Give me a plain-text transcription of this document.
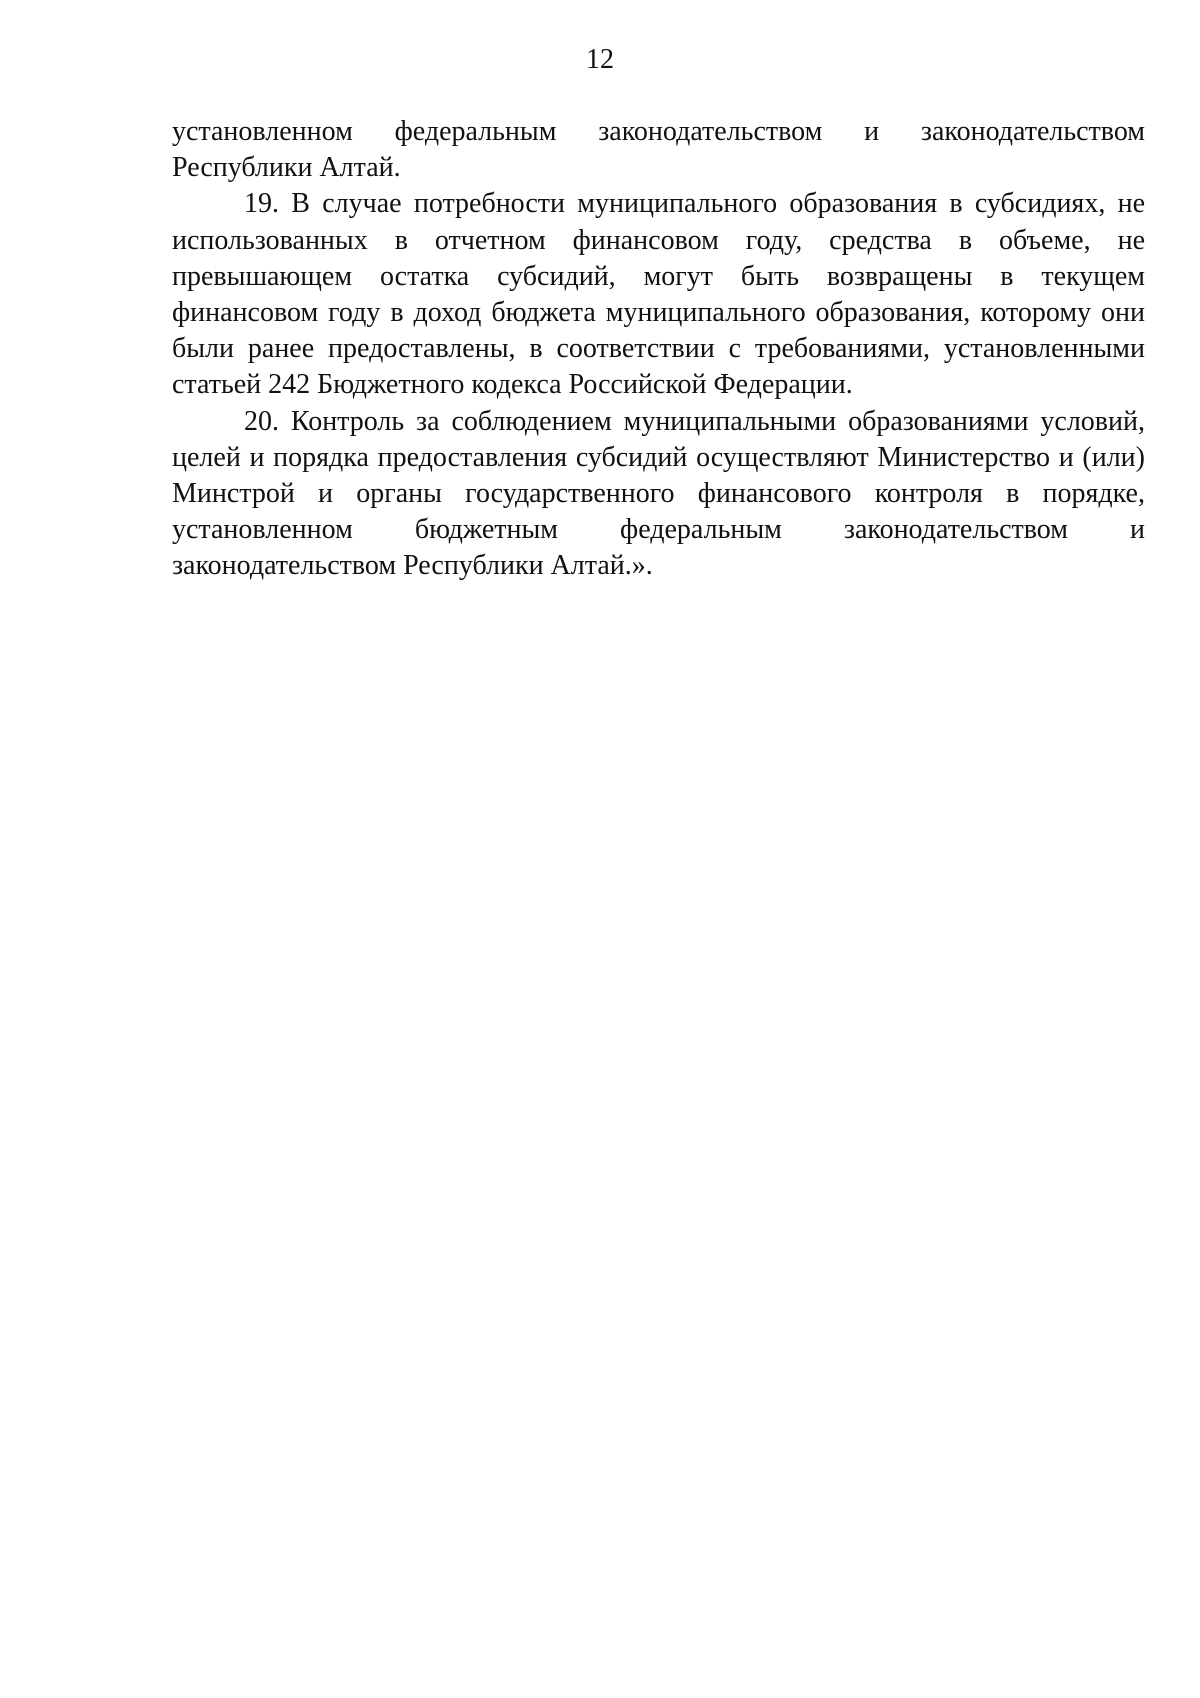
12

установленном федеральным законодательством и законодательством
Республики Алтай.

19. В случае потребности муниципального образования в субсидиях, не использованных в отчетном финансовом году, средства в объеме, не превышающем остатка субсидий, могут быть возвращены в текущем финансовом году в доход бюджета муниципального образования, которому они были ранее предоставлены, в соответствии с требованиями, установленными статьей 242 Бюджетного кодекса Российской Федерации.

20. Контроль за соблюдением муниципальными образованиями условий, целей и порядка предоставления субсидий осуществляют Министерство и (или) Минстрой и органы государственного финансового контроля в порядке, установленном бюджетным федеральным законодательством и законодательством Республики Алтай.».
